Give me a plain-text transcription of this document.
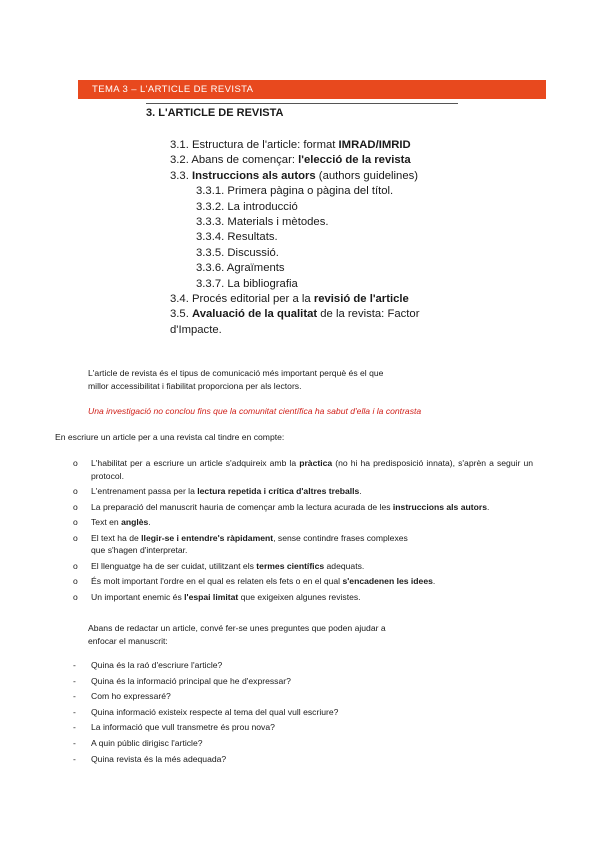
TEMA 3 – L'ARTICLE DE REVISTA
3. L'ARTICLE DE REVISTA
3.1. Estructura de l'article: format IMRAD/IMRID
3.2. Abans de començar: l'elecció de la revista
3.3. Instruccions als autors (authors guidelines)
3.3.1. Primera pàgina o pàgina del títol.
3.3.2. La introducció
3.3.3. Materials i mètodes.
3.3.4. Resultats.
3.3.5. Discussió.
3.3.6. Agraïments
3.3.7. La bibliografia
3.4. Procés editorial per a la revisió de l'article
3.5. Avaluació de la qualitat de la revista: Factor d'Impacte.
L'article de revista és el tipus de comunicació més important perquè és el que
millor accessibilitat i fiabilitat proporciona per als lectors.
Una investigació no conclou fins que la comunitat científica ha sabut d'ella i la contrasta
En escriure un article per a una revista cal tindre en compte:
o L'habilitat per a escriure un article s'adquireix amb la pràctica (no hi ha predisposició innata), s'aprèn a seguir un protocol.
o L'entrenament passa per la lectura repetida i crítica d'altres treballs.
o La preparació del manuscrit hauria de començar amb la lectura acurada de les instruccions als autors.
o Text en anglès.
o El text ha de llegir-se i entendre's ràpidament, sense contindre frases complexes que s'hagen d'interpretar.
o El llenguatge ha de ser cuidat, utilitzant els termes científics adequats.
o És molt important l'ordre en el qual es relaten els fets o en el qual s'encadenen les idees.
o Un important enemic és l'espai limitat que exigeixen algunes revistes.
Abans de redactar un article, convé fer-se unes preguntes que poden ajudar a
enfocar el manuscrit:
- Quina és la raó d'escriure l'article?
- Quina és la informació principal que he d'expressar?
- Com ho expressaré?
- Quina informació existeix respecte al tema del qual vull escriure?
- La informació que vull transmetre és prou nova?
- A quin públic dirigisc l'article?
- Quina revista és la més adequada?
